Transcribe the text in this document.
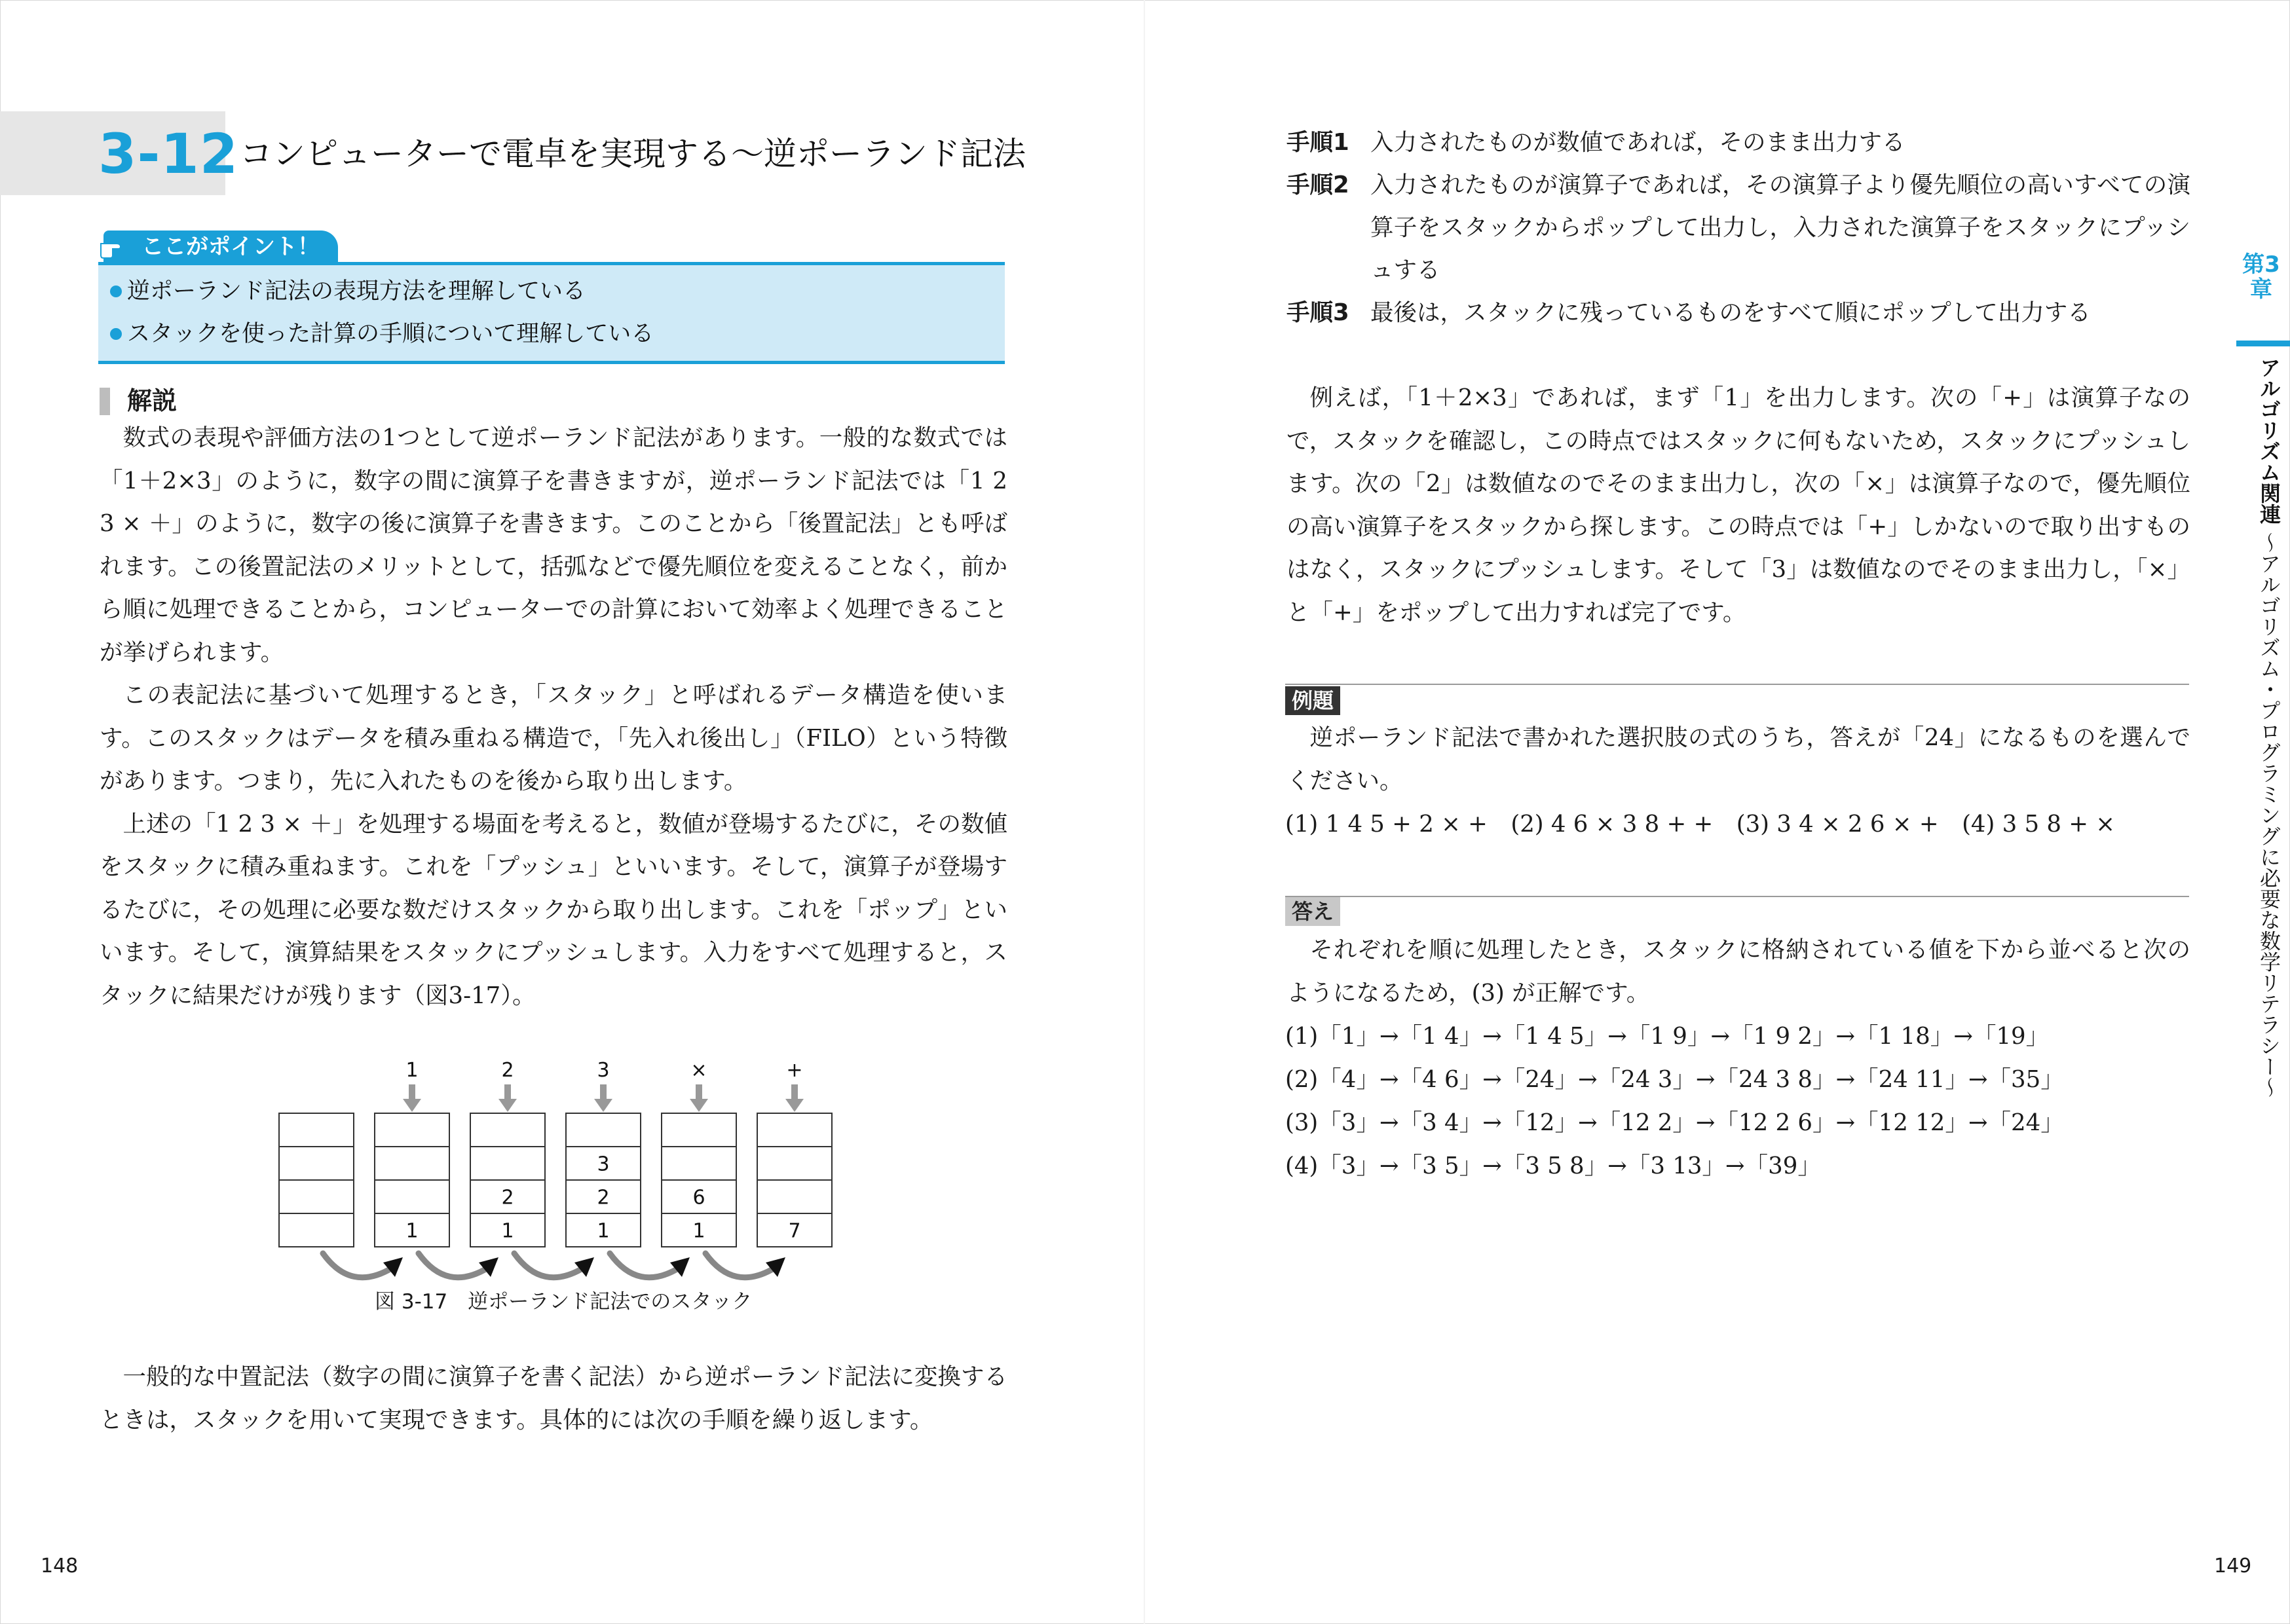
3-12 コンピューターで電卓を実現する〜逆ポーランド記法
ここがポイント！
逆ポーランド記法の表現方法を理解している
スタックを使った計算の手順について理解している
解説

数式の表現や評価方法の1つとして逆ポーランド記法があります。一般的な数式では「1＋2×3」のように，数字の間に演算子を書きますが，逆ポーランド記法では「1 2 3 × ＋」のように，数字の後に演算子を書きます。このことから「後置記法」とも呼ばれます。この後置記法のメリットとして，括弧などで優先順位を変えることなく，前から順に処理できることから，コンピューターでの計算において効率よく処理できることが挙げられます。

この表記法に基づいて処理するとき，「スタック」と呼ばれるデータ構造を使います。このスタックはデータを積み重ねる構造で，「先入れ後出し」（FILO）という特徴があります。つまり，先に入れたものを後から取り出します。

上述の「1 2 3 × ＋」を処理する場面を考えると，数値が登場するたびに，その数値をスタックに積み重ねます。これを「プッシュ」といいます。そして，演算子が登場するたびに，その処理に必要な数だけスタックから取り出します。これを「ポップ」といいます。そして，演算結果をスタックにプッシュします。入力をすべて処理すると，スタックに結果だけが残ります（図3-17）。

1
1
1
2
2
1
2
3
3
1
6
×
7
+
図 3-17　逆ポーランド記法でのスタック

一般的な中置記法（数字の間に演算子を書く記法）から逆ポーランド記法に変換するときは，スタックを用いて実現できます。具体的には次の手順を繰り返します。

手順1 入力されたものが数値であれば，そのまま出力する
手順2 入力されたものが演算子であれば，その演算子より優先順位の高いすべての演算子をスタックからポップして出力し，入力された演算子をスタックにプッシュする
手順3 最後は，スタックに残っているものをすべて順にポップして出力する

例えば，「1＋2×3」であれば，まず「1」を出力します。次の「+」は演算子なので，スタックを確認し，この時点ではスタックに何もないため，スタックにプッシュします。次の「2」は数値なのでそのまま出力し，次の「×」は演算子なので，優先順位の高い演算子をスタックから探します。この時点では「+」しかないので取り出すものはなく，スタックにプッシュします。そして「3」は数値なのでそのまま出力し，「×」と「+」をポップして出力すれば完了です。

例題

逆ポーランド記法で書かれた選択肢の式のうち，答えが「24」になるものを選んでください。

(1) 1 4 5 + 2 × +　(2) 4 6 × 3 8 + +　(3) 3 4 × 2 6 × +　(4) 3 5 8 + ×
答え

それぞれを順に処理したとき，スタックに格納されている値を下から並べると次のようになるため，(3) が正解です。

(1)「1」→「1 4」→「1 4 5」→「1 9」→「1 9 2」→「1 18」→「19」
(2)「4」→「4 6」→「24」→「24 3」→「24 3 8」→「24 11」→「35」
(3)「3」→「3 4」→「12」→「12 2」→「12 2 6」→「12 12」→「24」
(4)「3」→「3 5」→「3 5 8」→「3 13」→「39」
第3章
アルゴリズム関連 〜アルゴリズム・プログラミングに必要な数学リテラシー〜
148	149
